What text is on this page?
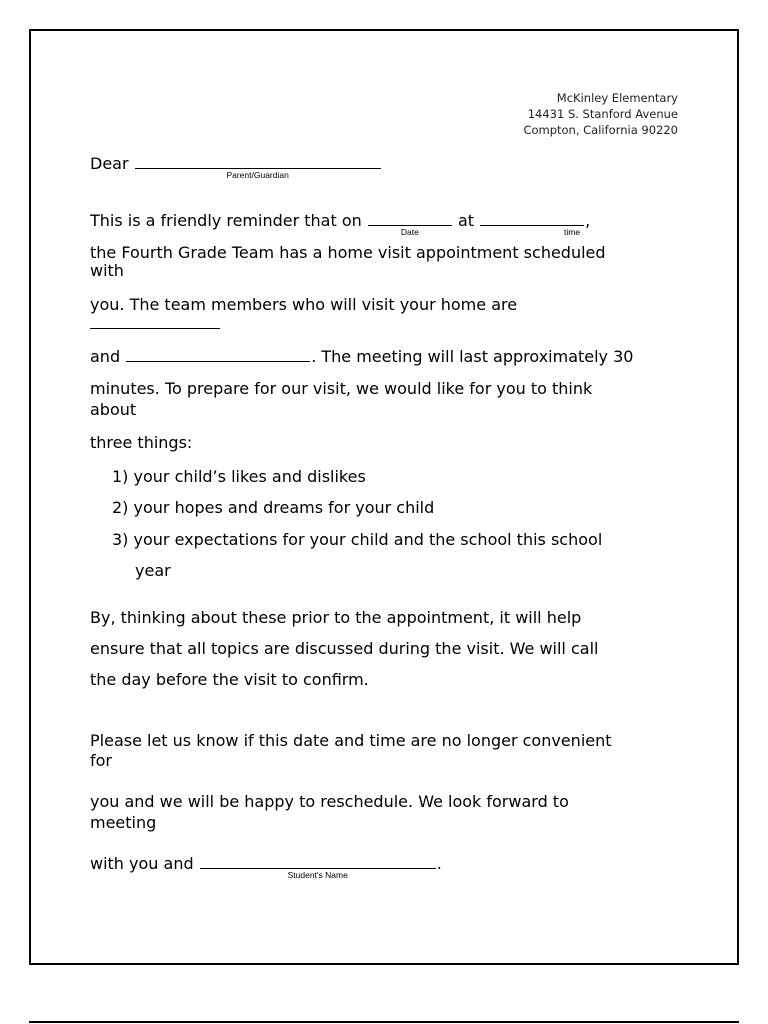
McKinley Elementary
14431 S. Stanford Avenue
Compton, California 90220
Dear
Parent/Guardian
This is a friendly reminder that on
Date
at
time
,
the Fourth Grade Team has a home visit appointment scheduled
with
you. The team members who will visit your home are
and	. The meeting will last approximately 30
minutes. To prepare for our visit, we would like for you to think
about
three things:
1) your child’s likes and dislikes
2) your hopes and dreams for your child
3) your expectations for your child and the school this school
year
By, thinking about these prior to the appointment, it will help
ensure that all topics are discussed during the visit. We will call
the day before the visit to confirm.
Please let us know if this date and time are no longer convenient
for
you and we will be happy to reschedule. We look forward to
meeting
with you and
Student's Name
.
